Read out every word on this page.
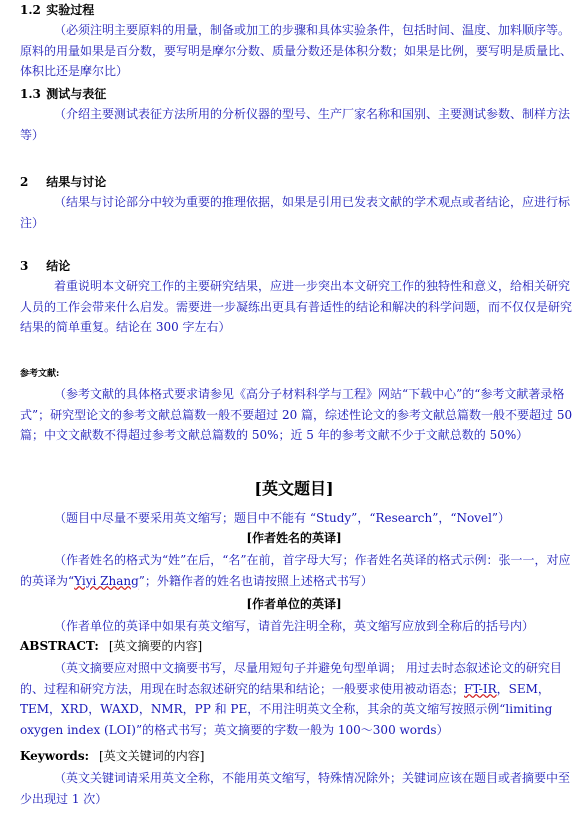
1.2 实验过程
（必须注明主要原料的用量，制备或加工的步骤和具体实验条件，包括时间、温度、加料顺序等。原料的用量如果是百分数，要写明是摩尔分数、质量分数还是体积分数；如果是比例，要写明是质量比、体积比还是摩尔比）
1.3 测试与表征
（介绍主要测试表征方法所用的分析仪器的型号、生产厂家名称和国别、主要测试参数、制样方法等）
2 结果与讨论
（结果与讨论部分中较为重要的推理依据，如果是引用已发表文献的学术观点或者结论，应进行标注）
3 结论
着重说明本文研究工作的主要研究结果，应进一步突出本文研究工作的独特性和意义，给相关研究人员的工作会带来什么启发。需要进一步凝练出更具有普适性的结论和解决的科学问题，而不仅仅是研究结果的简单重复。结论在 300 字左右）
参考文献:
（参考文献的具体格式要求请参见《高分子材料科学与工程》网站“下载中心”的“参考文献著录格式”；研究型论文的参考文献总篇数一般不要超过 20 篇，综述性论文的参考文献总篇数一般不要超过 50 篇；中文文献数不得超过参考文献总篇数的 50%；近 5 年的参考文献不少于文献总数的 50%）
[英文题目]
（题目中尽量不要采用英文缩写；题目中不能有 “Study”，“Research”，“Novel”）
[作者姓名的英译]
（作者姓名的格式为“姓”在后，“名”在前，首字母大写；作者姓名英译的格式示例：张一一，对应的英译为“Yiyi Zhang”；外籍作者的姓名也请按照上述格式书写）
[作者单位的英译]
（作者单位的英译中如果有英文缩写，请首先注明全称，英文缩写应放到全称后的括号内）
ABSTRACT: [英文摘要的内容]
（英文摘要应对照中文摘要书写，尽量用短句子并避免句型单调； 用过去时态叙述论文的研究目的、过程和研究方法，用现在时态叙述研究的结果和结论；一般要求使用被动语态；FT-IR，SEM，TEM，XRD，WAXD，NMR，PP 和 PE，不用注明英文全称，其余的英文缩写按照示例“limiting oxygen index (LOI)”的格式书写；英文摘要的字数一般为 100～300 words）
Keywords: [英文关键词的内容]
（英文关键词请采用英文全称，不能用英文缩写，特殊情况除外；关键词应该在题目或者摘要中至少出现过 1 次）
